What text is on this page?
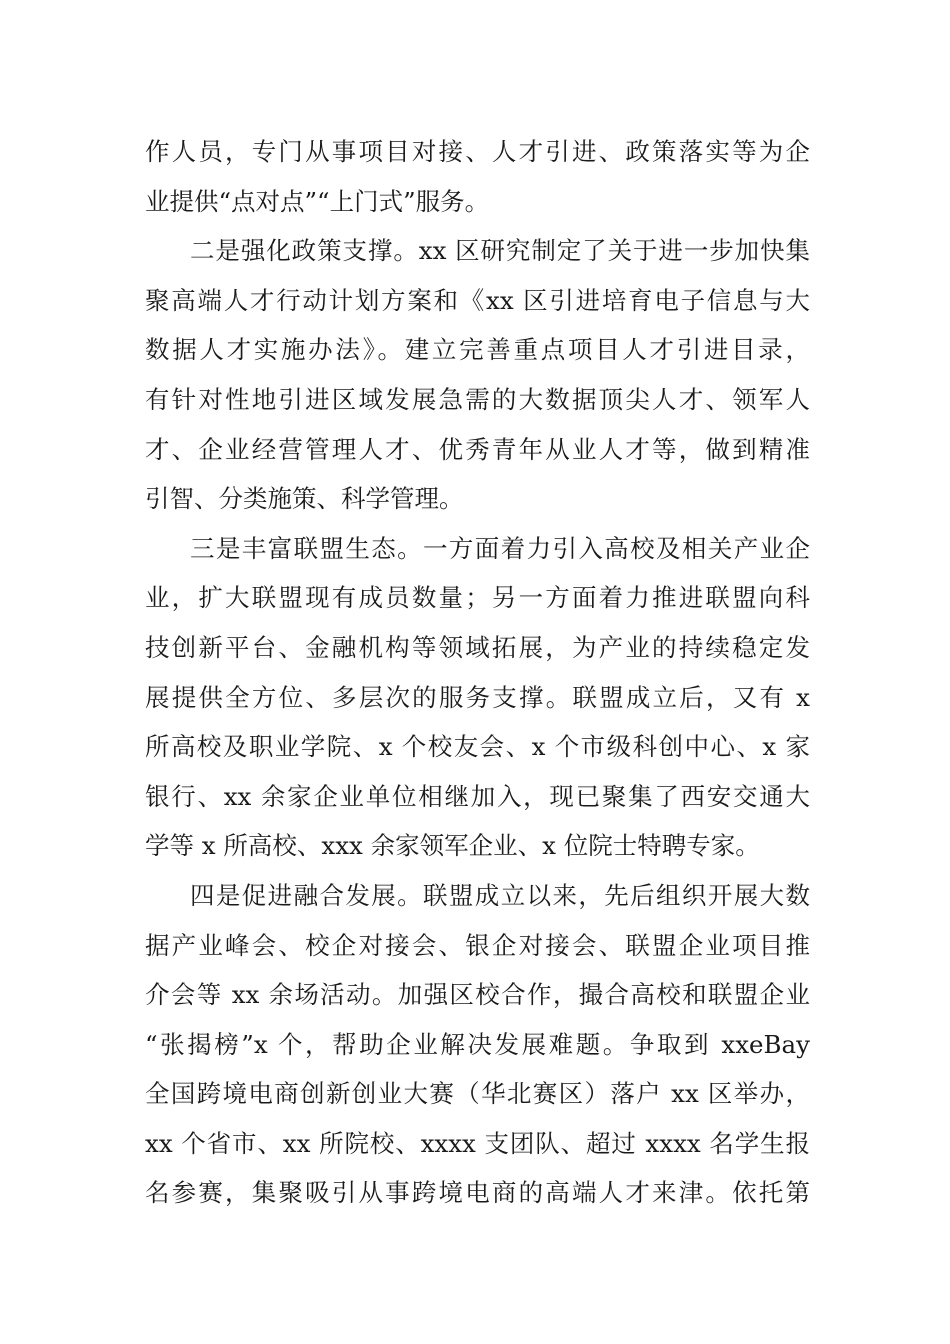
作人员，专门从事项目对接、人才引进、政策落实等为企
业提供“点对点”“上门式”服务。
二是强化政策支撑。xx 区研究制定了关于进一步加快集
聚高端人才行动计划方案和《xx 区引进培育电子信息与大
数据人才实施办法》。建立完善重点项目人才引进目录，
有针对性地引进区域发展急需的大数据顶尖人才、领军人
才、企业经营管理人才、优秀青年从业人才等，做到精准
引智、分类施策、科学管理。
三是丰富联盟生态。一方面着力引入高校及相关产业企
业，扩大联盟现有成员数量；另一方面着力推进联盟向科
技创新平台、金融机构等领域拓展，为产业的持续稳定发
展提供全方位、多层次的服务支撑。联盟成立后，又有 x
所高校及职业学院、x 个校友会、x 个市级科创中心、x 家
银行、xx 余家企业单位相继加入，现已聚集了西安交通大
学等 x 所高校、xxx 余家领军企业、x 位院士特聘专家。
四是促进融合发展。联盟成立以来，先后组织开展大数
据产业峰会、校企对接会、银企对接会、联盟企业项目推
介会等 xx 余场活动。加强区校合作，撮合高校和联盟企业
“张揭榜”x 个，帮助企业解决发展难题。争取到 xxeBay
全国跨境电商创新创业大赛（华北赛区）落户 xx 区举办，
xx 个省市、xx 所院校、xxxx 支团队、超过 xxxx 名学生报
名参赛，集聚吸引从事跨境电商的高端人才来津。依托第
